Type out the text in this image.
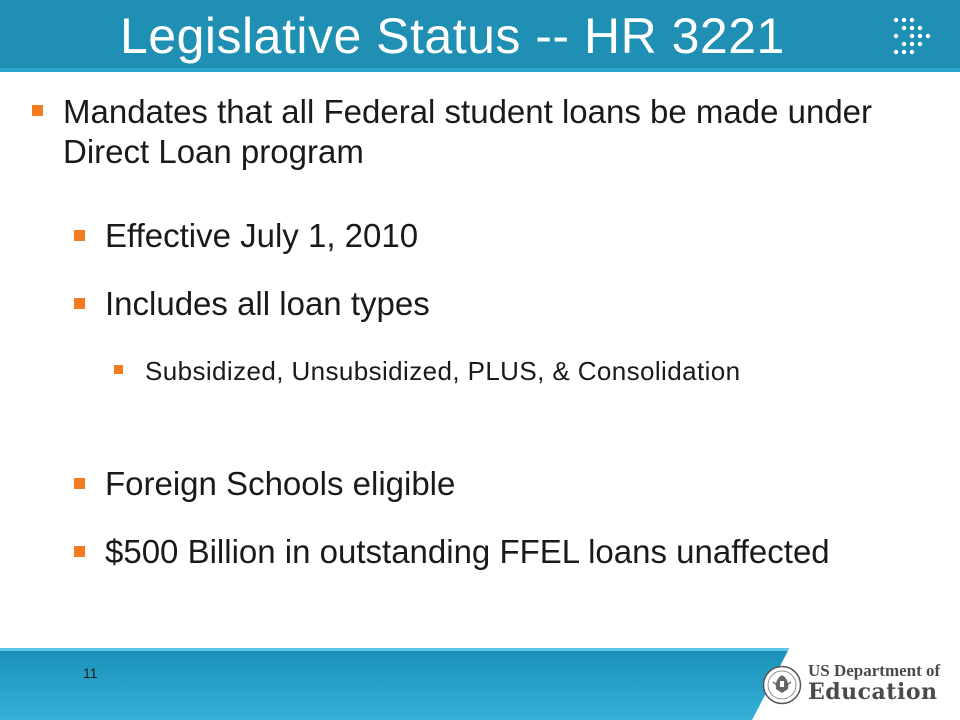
Legislative Status -- HR 3221
Mandates that all Federal student loans be made under Direct Loan program
Effective July 1, 2010
Includes all loan types
Subsidized, Unsubsidized, PLUS, & Consolidation
Foreign Schools eligible
$500 Billion in outstanding FFEL loans unaffected
11	US Department of
Education
